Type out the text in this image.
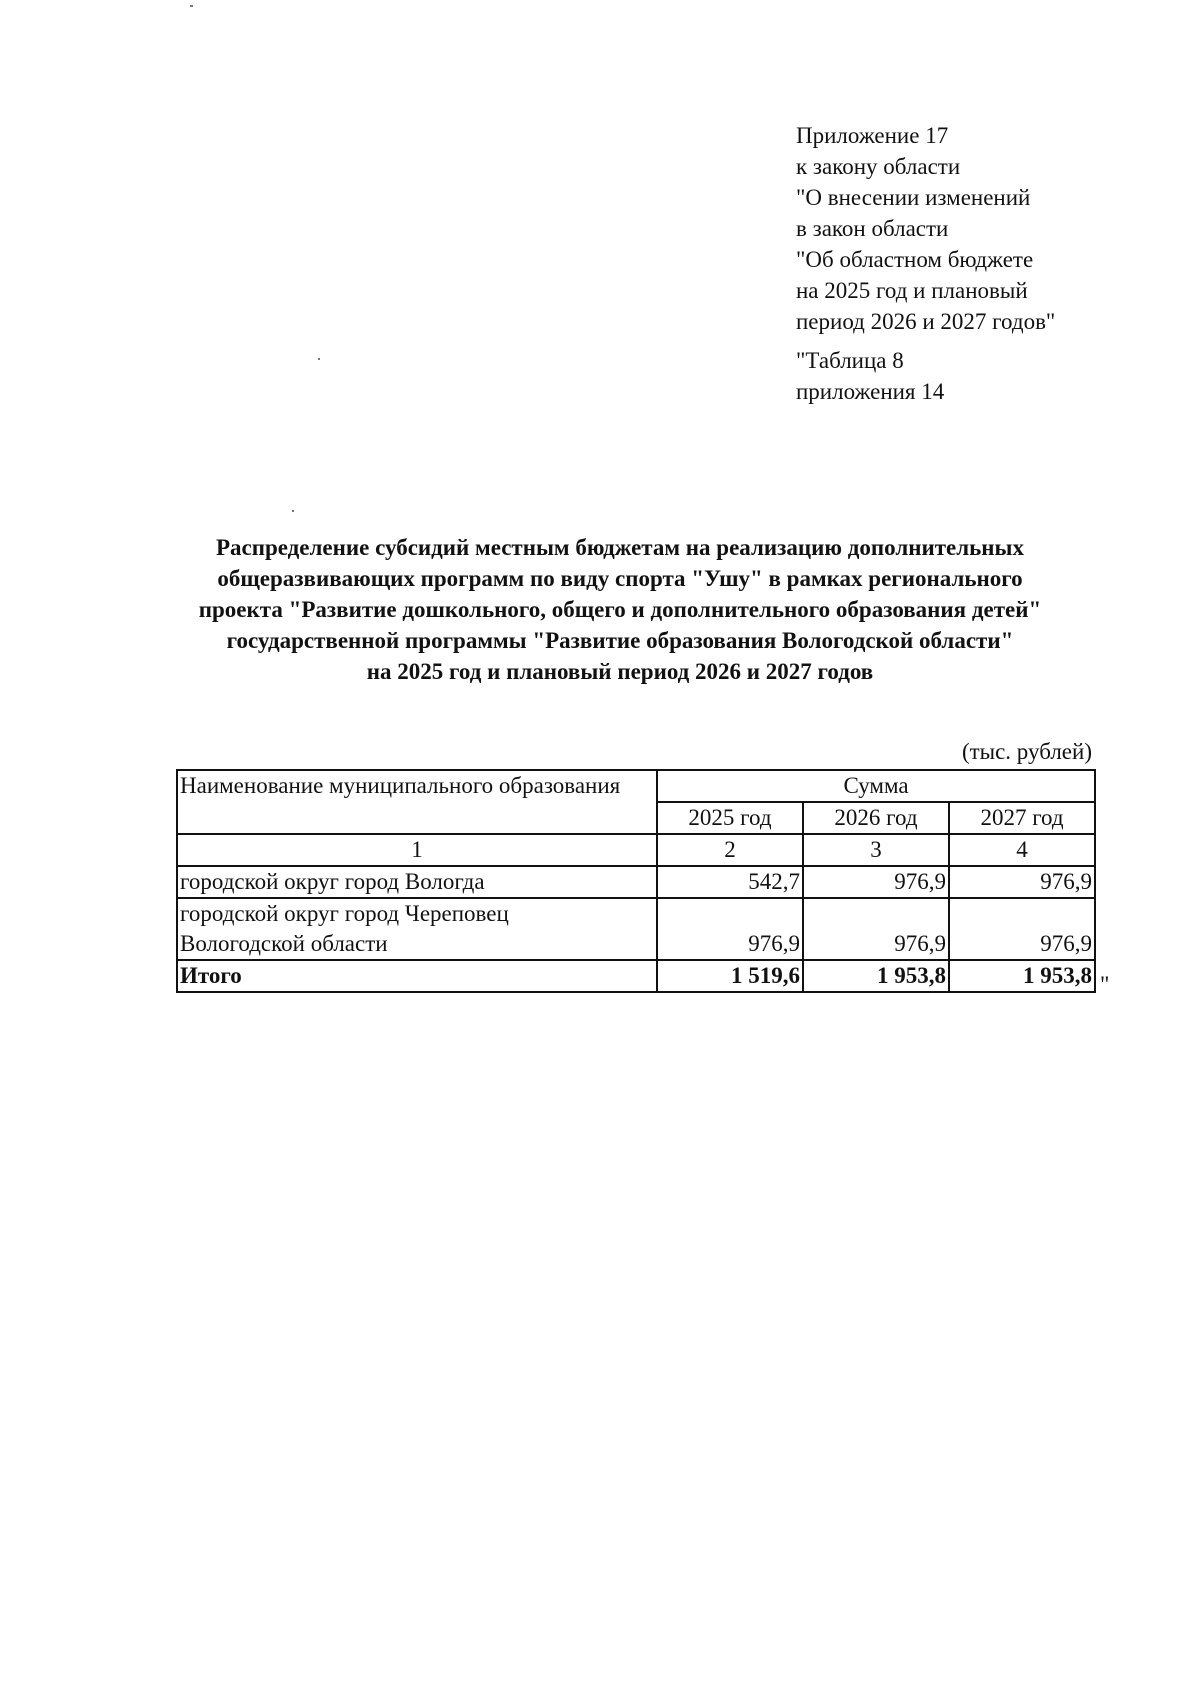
Приложение 17
к закону области
"О внесении изменений
в закон области
"Об областном бюджете
на 2025 год и плановый
период 2026 и 2027 годов"
"Таблица 8
приложения 14
Распределение субсидий местным бюджетам на реализацию дополнительных
общеразвивающих программ по виду спорта "Ушу" в рамках регионального
проекта "Развитие дошкольного, общего и дополнительного образования детей"
государственной программы "Развитие образования Вологодской области"
на 2025 год и плановый период 2026 и 2027 годов
(тыс. рублей)
Наименование муниципального образования	Сумма		
	2025 год	2026 год	2027 год
1	2	3	4
городской округ город Вологда	542,7	976,9	976,9
городской округ город Череповец
Вологодской области	976,9	976,9	976,9
Итого	1 519,6	1 953,8	1 953,8 "
